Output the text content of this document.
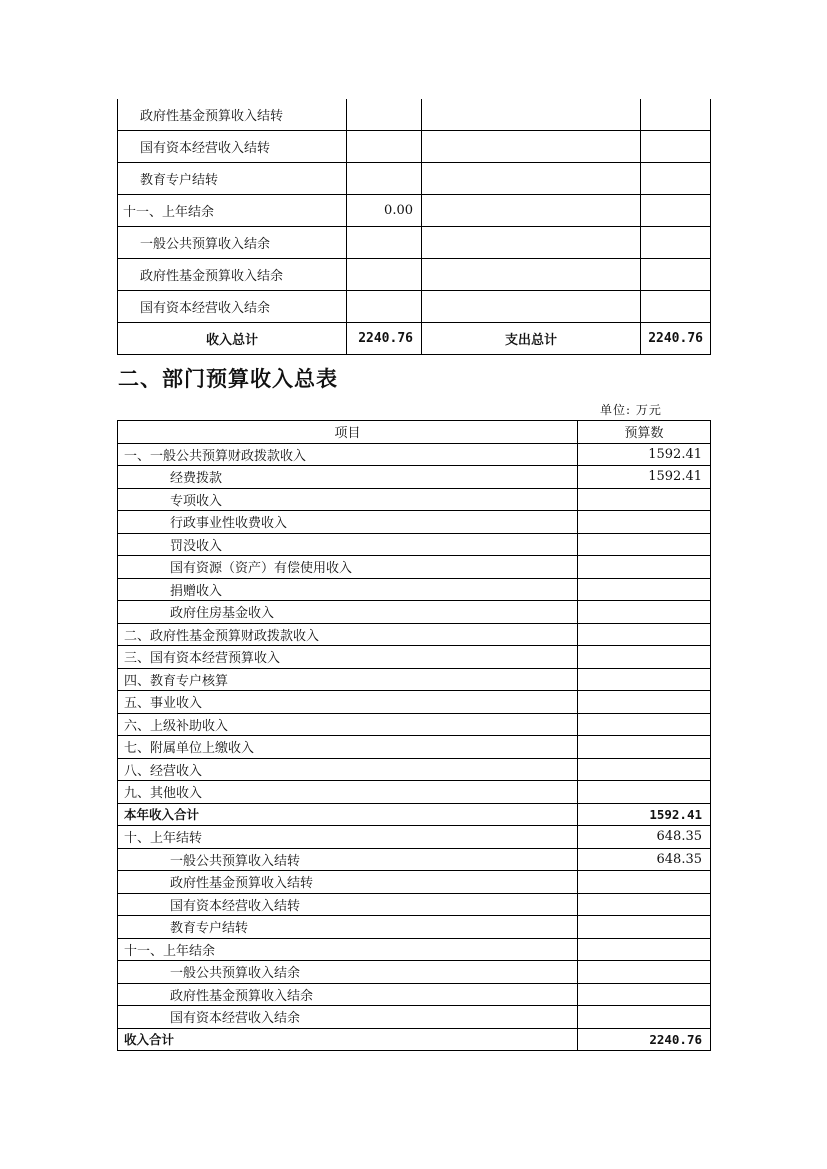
政府性基金预算收入结转			
国有资本经营收入结转			
教育专户结转			
十一、上年结余	0.00		
一般公共预算收入结余			
政府性基金预算收入结余			
国有资本经营收入结余			
收入总计	2240.76	支出总计	2240.76
二、部门预算收入总表
单位: 万元
项目	预算数
一、一般公共预算财政拨款收入	1592.41
经费拨款	1592.41
专项收入	
行政事业性收费收入	
罚没收入	
国有资源（资产）有偿使用收入	
捐赠收入	
政府住房基金收入	
二、政府性基金预算财政拨款收入	
三、国有资本经营预算收入	
四、教育专户核算	
五、事业收入	
六、上级补助收入	
七、附属单位上缴收入	
八、经营收入	
九、其他收入	
本年收入合计	1592.41
十、上年结转	648.35
一般公共预算收入结转	648.35
政府性基金预算收入结转	
国有资本经营收入结转	
教育专户结转	
十一、上年结余	
一般公共预算收入结余	
政府性基金预算收入结余	
国有资本经营收入结余	
收入合计	2240.76
